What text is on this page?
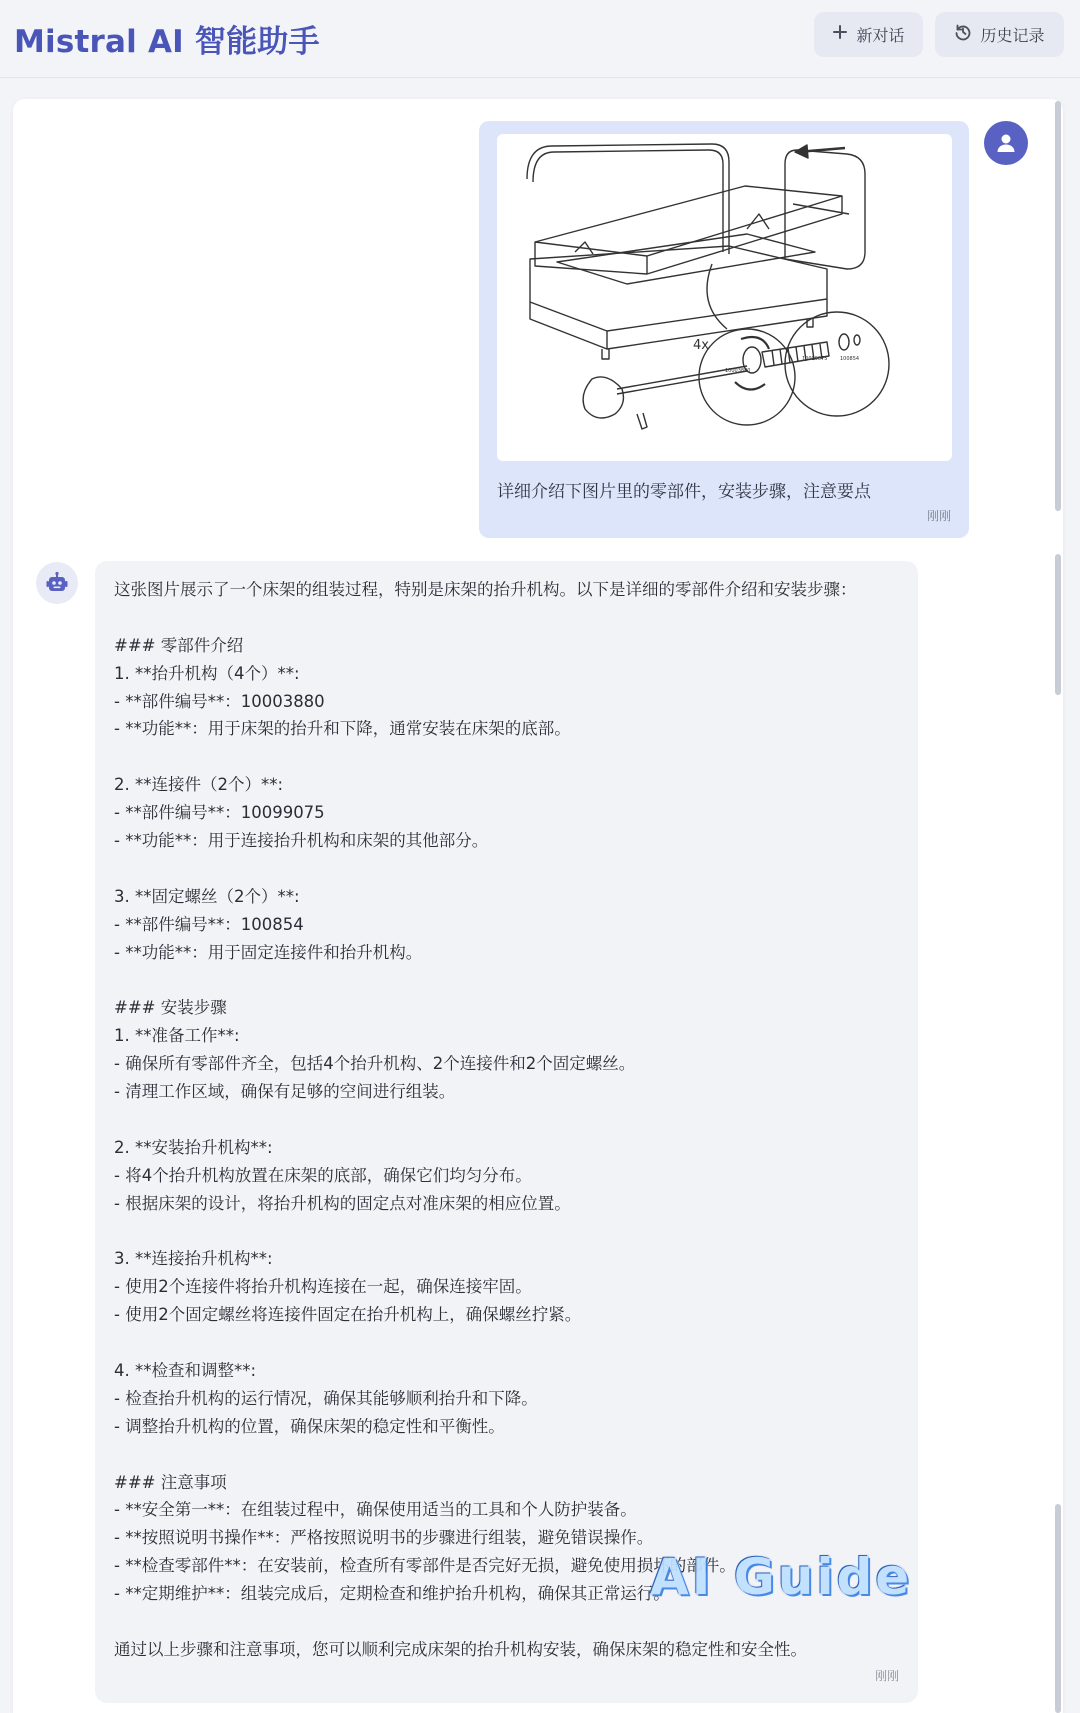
Mistral AI 智能助手	新对话	历史记录
4x
10003880
10099075	100854
详细介绍下图片里的零部件，安装步骤，注意要点
刚刚
这张图片展示了一个床架的组装过程，特别是床架的抬升机构。以下是详细的零部件介绍和安装步骤：
### 零部件介绍
1. **抬升机构（4个）**:
- **部件编号**：10003880
- **功能**：用于床架的抬升和下降，通常安装在床架的底部。
2. **连接件（2个）**:
- **部件编号**：10099075
- **功能**：用于连接抬升机构和床架的其他部分。
3. **固定螺丝（2个）**:
- **部件编号**：100854
- **功能**：用于固定连接件和抬升机构。
### 安装步骤
1. **准备工作**:
- 确保所有零部件齐全，包括4个抬升机构、2个连接件和2个固定螺丝。
- 清理工作区域，确保有足够的空间进行组装。
2. **安装抬升机构**:
- 将4个抬升机构放置在床架的底部，确保它们均匀分布。
- 根据床架的设计，将抬升机构的固定点对准床架的相应位置。
3. **连接抬升机构**:
- 使用2个连接件将抬升机构连接在一起，确保连接牢固。
- 使用2个固定螺丝将连接件固定在抬升机构上，确保螺丝拧紧。
4. **检查和调整**:
- 检查抬升机构的运行情况，确保其能够顺利抬升和下降。
- 调整抬升机构的位置，确保床架的稳定性和平衡性。
### 注意事项
- **安全第一**：在组装过程中，确保使用适当的工具和个人防护装备。
- **按照说明书操作**：严格按照说明书的步骤进行组装，避免错误操作。
- **检查零部件**：在安装前，检查所有零部件是否完好无损，避免使用损坏的部件。
- **定期维护**：组装完成后，定期检查和维护抬升机构，确保其正常运行。
通过以上步骤和注意事项，您可以顺利完成床架的抬升机构安装，确保床架的稳定性和安全性。
刚刚
AI Guide
